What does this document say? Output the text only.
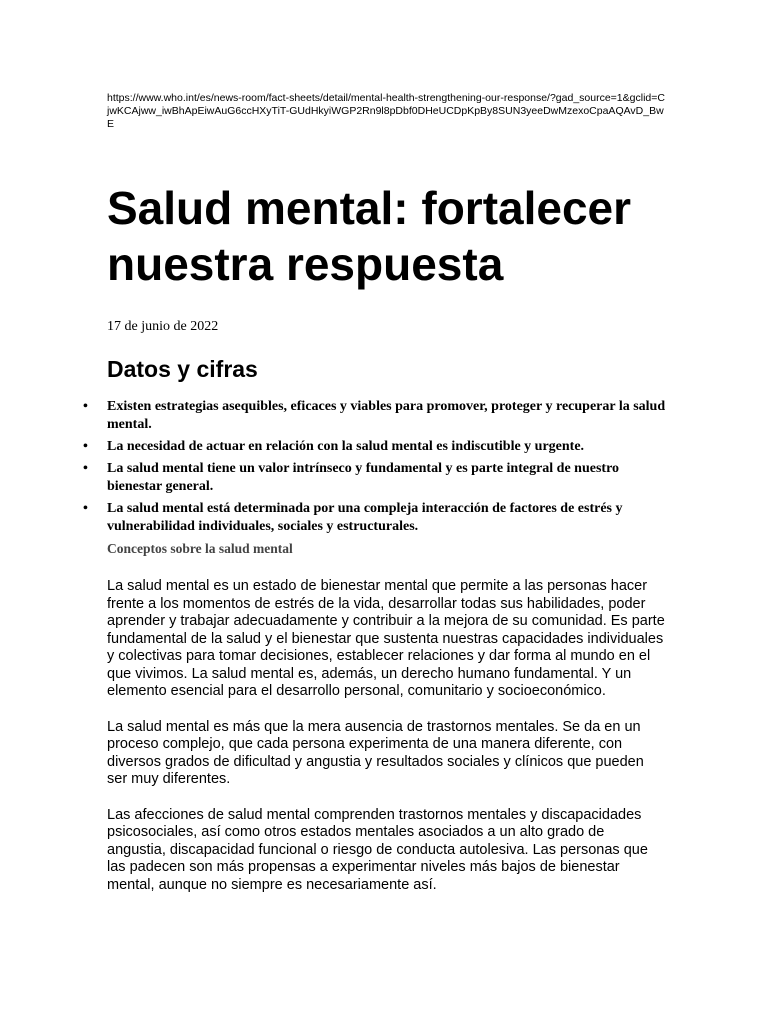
https://www.who.int/es/news-room/fact-sheets/detail/mental-health-strengthening-our-response/?gad_source=1&gclid=CjwKCAjww_iwBhApEiwAuG6ccHXyTiT-GUdHkyiWGP2Rn9l8pDbf0DHeUCDpKpBy8SUN3yeeDwMzexoCpaAQAvD_BwE

Salud mental: fortalecer nuestra respuesta

17 de junio de 2022

Datos y cifras
• Existen estrategias asequibles, eficaces y viables para promover, proteger y recuperar la salud mental.
• La necesidad de actuar en relación con la salud mental es indiscutible y urgente.
• La salud mental tiene un valor intrínseco y fundamental y es parte integral de nuestro bienestar general.
• La salud mental está determinada por una compleja interacción de factores de estrés y vulnerabilidad individuales, sociales y estructurales.
Conceptos sobre la salud mental

La salud mental es un estado de bienestar mental que permite a las personas hacer frente a los momentos de estrés de la vida, desarrollar todas sus habilidades, poder aprender y trabajar adecuadamente y contribuir a la mejora de su comunidad. Es parte fundamental de la salud y el bienestar que sustenta nuestras capacidades individuales y colectivas para tomar decisiones, establecer relaciones y dar forma al mundo en el que vivimos. La salud mental es, además, un derecho humano fundamental. Y un elemento esencial para el desarrollo personal, comunitario y socioeconómico.

La salud mental es más que la mera ausencia de trastornos mentales. Se da en un proceso complejo, que cada persona experimenta de una manera diferente, con diversos grados de dificultad y angustia y resultados sociales y clínicos que pueden ser muy diferentes.

Las afecciones de salud mental comprenden trastornos mentales y discapacidades psicosociales, así como otros estados mentales asociados a un alto grado de angustia, discapacidad funcional o riesgo de conducta autolesiva. Las personas que las padecen son más propensas a experimentar niveles más bajos de bienestar mental, aunque no siempre es necesariamente así.
